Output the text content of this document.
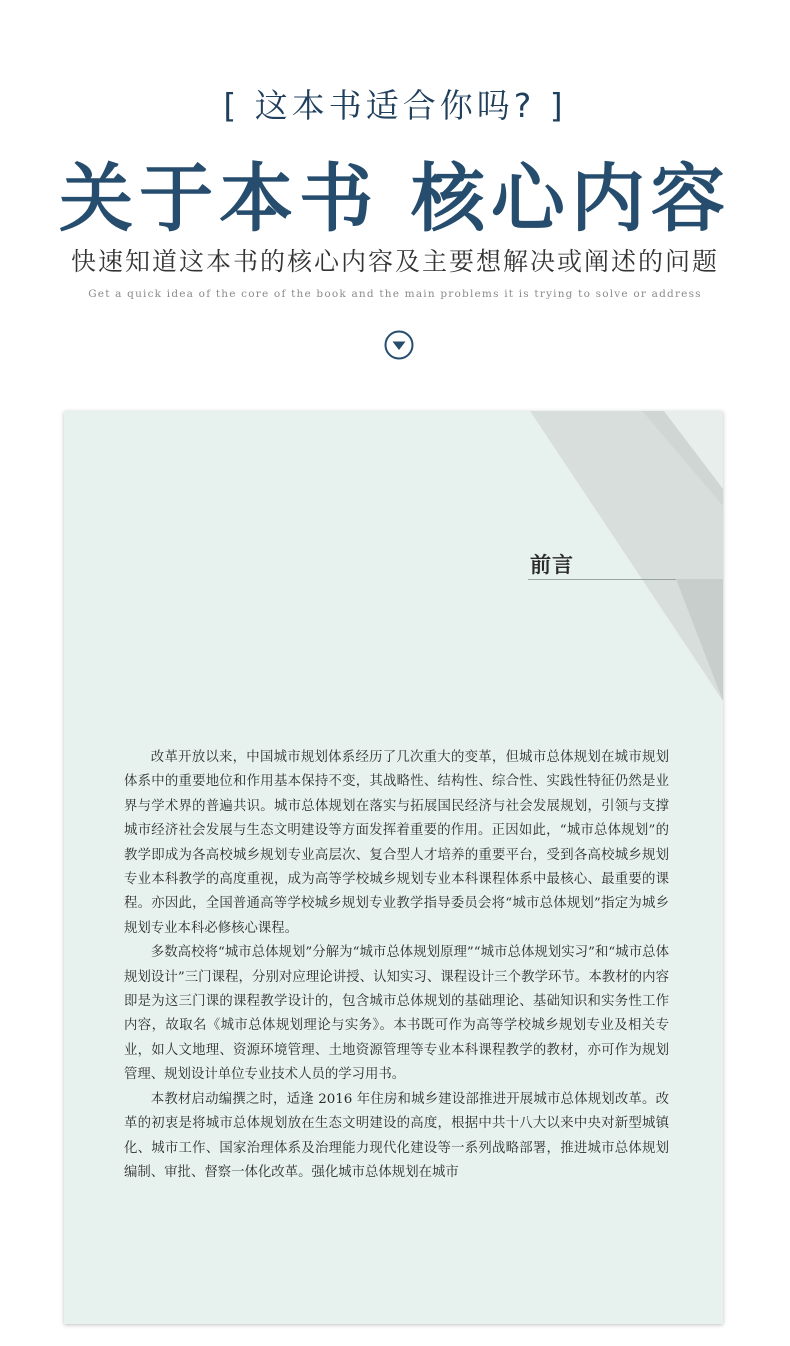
[ 这本书适合你吗? ]
关于本书 核心内容
快速知道这本书的核心内容及主要想解决或阐述的问题
Get a quick idea of the core of the book and the main problems it is trying to solve or address
前言

改革开放以来，中国城市规划体系经历了几次重大的变革，但城市总体规划在城市规划体系中的重要地位和作用基本保持不变，其战略性、结构性、综合性、实践性特征仍然是业界与学术界的普遍共识。城市总体规划在落实与拓展国民经济与社会发展规划，引领与支撑城市经济社会发展与生态文明建设等方面发挥着重要的作用。正因如此，“城市总体规划”的教学即成为各高校城乡规划专业高层次、复合型人才培养的重要平台，受到各高校城乡规划专业本科教学的高度重视，成为高等学校城乡规划专业本科课程体系中最核心、最重要的课程。亦因此，全国普通高等学校城乡规划专业教学指导委员会将“城市总体规划”指定为城乡规划专业本科必修核心课程。

多数高校将“城市总体规划”分解为“城市总体规划原理”“城市总体规划实习”和“城市总体规划设计”三门课程，分别对应理论讲授、认知实习、课程设计三个教学环节。本教材的内容即是为这三门课的课程教学设计的，包含城市总体规划的基础理论、基础知识和实务性工作内容，故取名《城市总体规划理论与实务》。本书既可作为高等学校城乡规划专业及相关专业，如人文地理、资源环境管理、土地资源管理等专业本科课程教学的教材，亦可作为规划管理、规划设计单位专业技术人员的学习用书。

本教材启动编撰之时，适逢 2016 年住房和城乡建设部推进开展城市总体规划改革。改革的初衷是将城市总体规划放在生态文明建设的高度，根据中共十八大以来中央对新型城镇化、城市工作、国家治理体系及治理能力现代化建设等一系列战略部署，推进城市总体规划编制、审批、督察一体化改革。强化城市总体规划在城市
